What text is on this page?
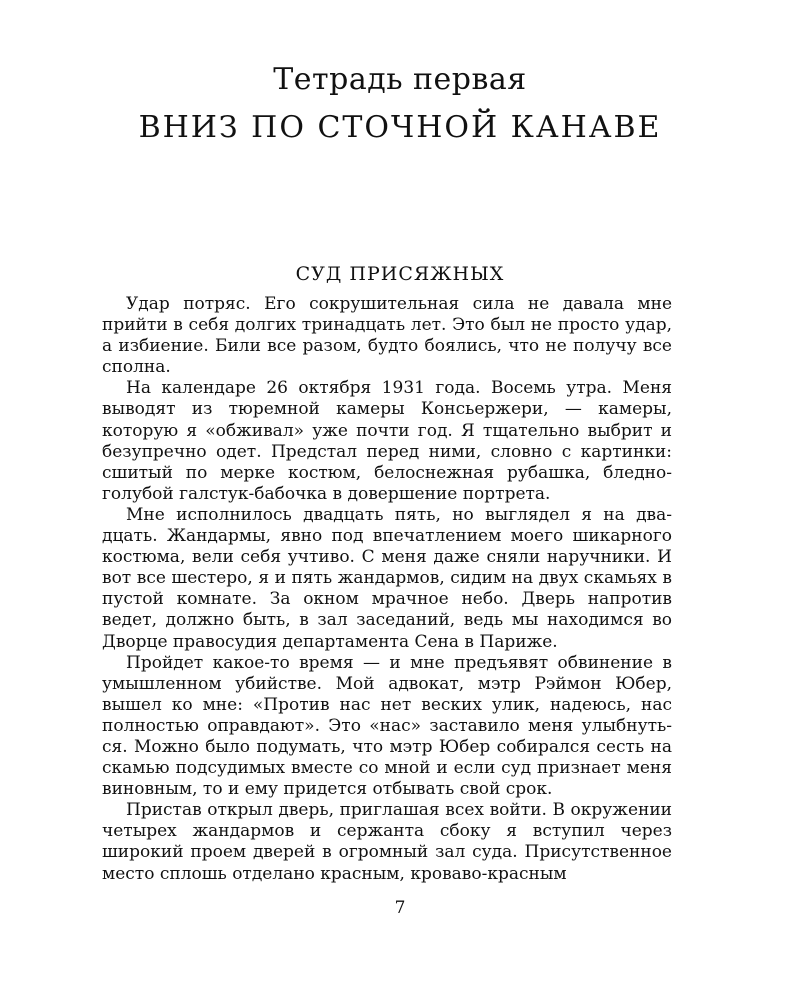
Тетрадь первая
ВНИЗ ПО СТОЧНОЙ КАНАВЕ
СУД ПРИСЯЖНЫХ

Удар потряс. Его сокрушительная сила не давала мне прийти в себя долгих тринадцать лет. Это был не просто удар, а избиение. Били все разом, будто боялись, что не получу все сполна.

На календаре 26 октября 1931 года. Восемь утра. Меня выводят из тюремной камеры Консьержери, — камеры, которую я «обживал» уже почти год. Я тщательно выбрит и безупречно одет. Предстал перед ними, словно с картинки: сшитый по мерке костюм, белоснежная рубашка, бледноголубой галстук-бабочка в довершение портрета.

Мне исполнилось двадцать пять, но выглядел я на двадцать. Жандармы, явно под впечатлением моего шикарного костюма, вели себя учтиво. С меня даже сняли наручники. И вот все шестеро, я и пять жандармов, сидим на двух скамьях в пустой комнате. За окном мрачное небо. Дверь напротив ведет, должно быть, в зал заседаний, ведь мы находимся во Дворце правосудия департамента Сена в Париже.

Пройдет какое-то время — и мне предъявят обвинение в умышленном убийстве. Мой адвокат, мэтр Рэймон Юбер, вышел ко мне: «Против нас нет веских улик, надеюсь, нас полностью оправдают». Это «нас» заставило меня улыбнуться. Можно было подумать, что мэтр Юбер собирался сесть на скамью подсудимых вместе со мной и если суд признает меня виновным, то и ему придется отбывать свой срок.

Пристав открыл дверь, приглашая всех войти. В окружении четырех жандармов и сержанта сбоку я вступил через широкий проем дверей в огромный зал суда. Присутственное место сплошь отделано красным, кроваво-красным

7
